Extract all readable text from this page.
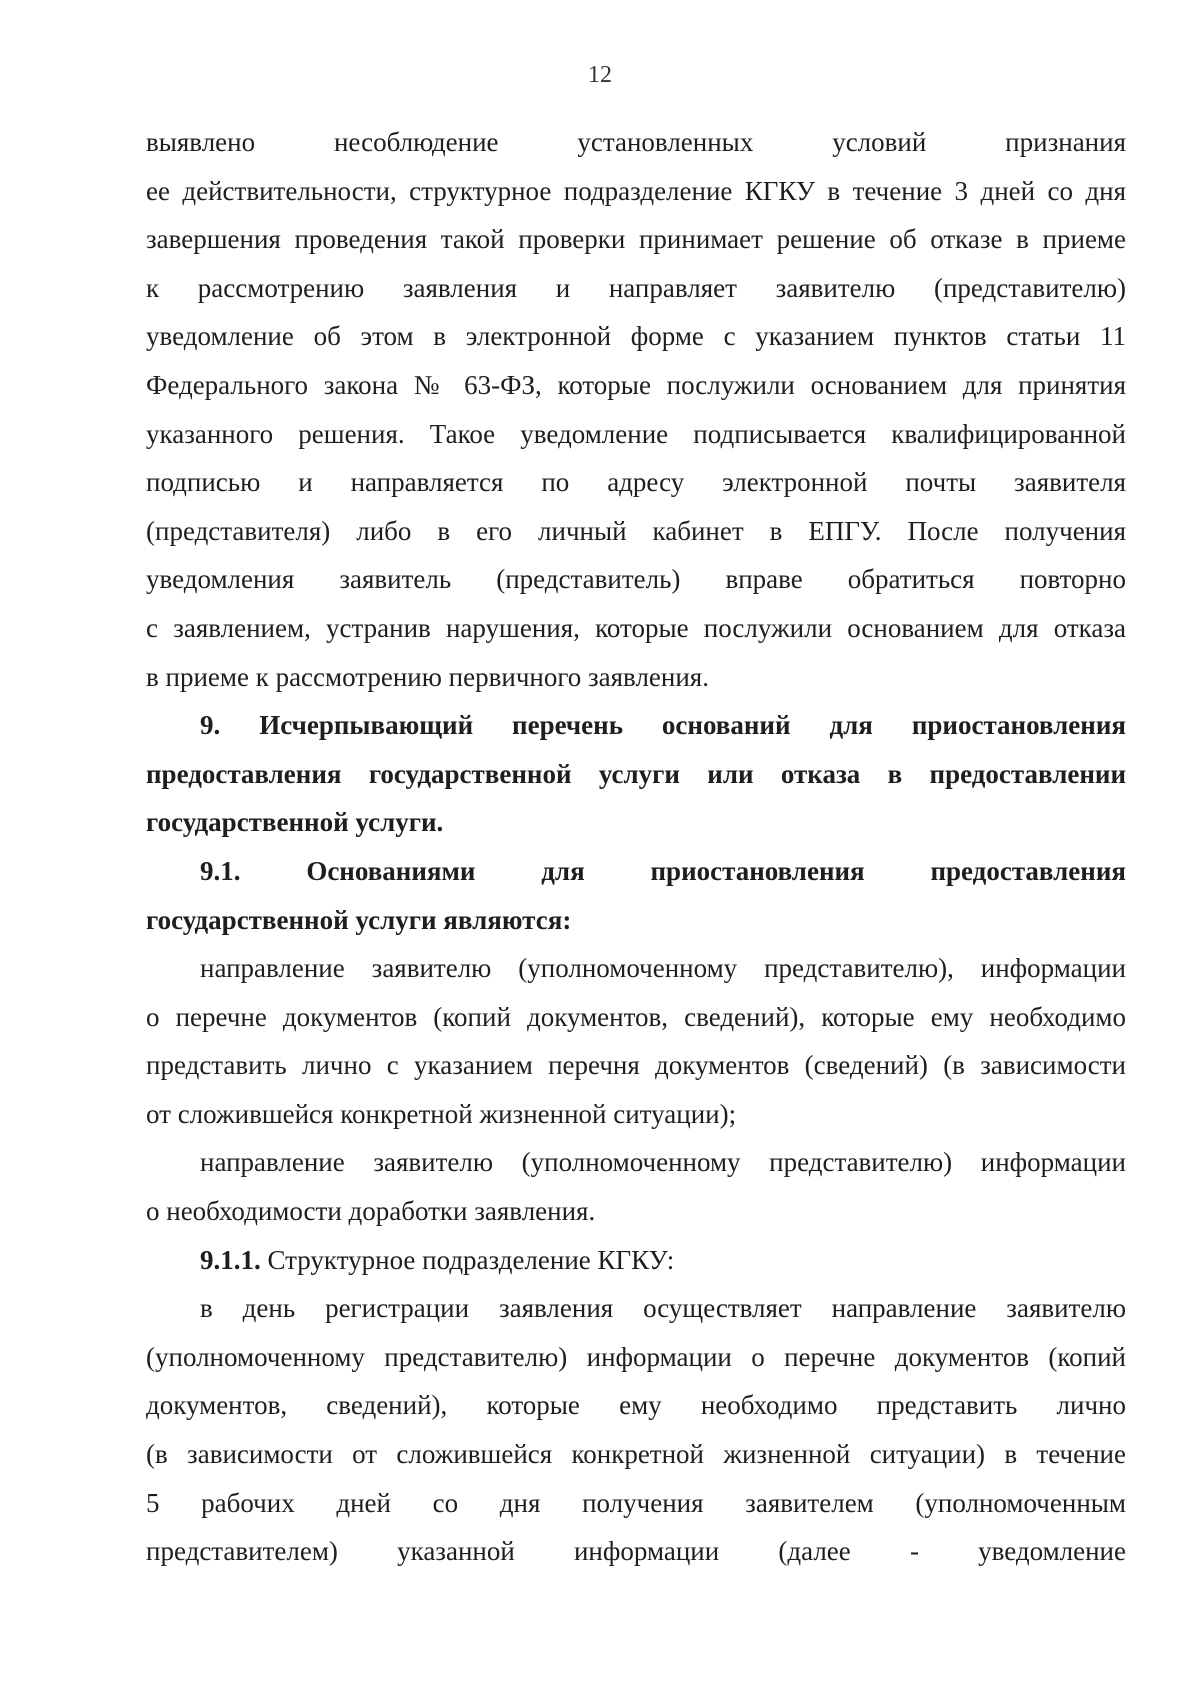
12
выявлено несоблюдение установленных условий признания
ее действительности, структурное подразделение КГКУ в течение 3 дней со дня
завершения проведения такой проверки принимает решение об отказе в приеме
к рассмотрению заявления и направляет заявителю (представителю)
уведомление об этом в электронной форме с указанием пунктов статьи 11
Федерального закона № 63-ФЗ, которые послужили основанием для принятия
указанного решения. Такое уведомление подписывается квалифицированной
подписью и направляется по адресу электронной почты заявителя
(представителя) либо в его личный кабинет в ЕПГУ. После получения
уведомления заявитель (представитель) вправе обратиться повторно
с заявлением, устранив нарушения, которые послужили основанием для отказа
в приеме к рассмотрению первичного заявления.
9. Исчерпывающий перечень оснований для приостановления
предоставления государственной услуги или отказа в предоставлении
государственной услуги.
9.1. Основаниями для приостановления предоставления
государственной услуги являются:
направление заявителю (уполномоченному представителю), информации
о перечне документов (копий документов, сведений), которые ему необходимо
представить лично с указанием перечня документов (сведений) (в зависимости
от сложившейся конкретной жизненной ситуации);
направление заявителю (уполномоченному представителю) информации
о необходимости доработки заявления.
9.1.1. Структурное подразделение КГКУ:
в день регистрации заявления осуществляет направление заявителю
(уполномоченному представителю) информации о перечне документов (копий
документов, сведений), которые ему необходимо представить лично
(в зависимости от сложившейся конкретной жизненной ситуации) в течение
5 рабочих дней со дня получения заявителем (уполномоченным
представителем) указанной информации (далее - уведомление
